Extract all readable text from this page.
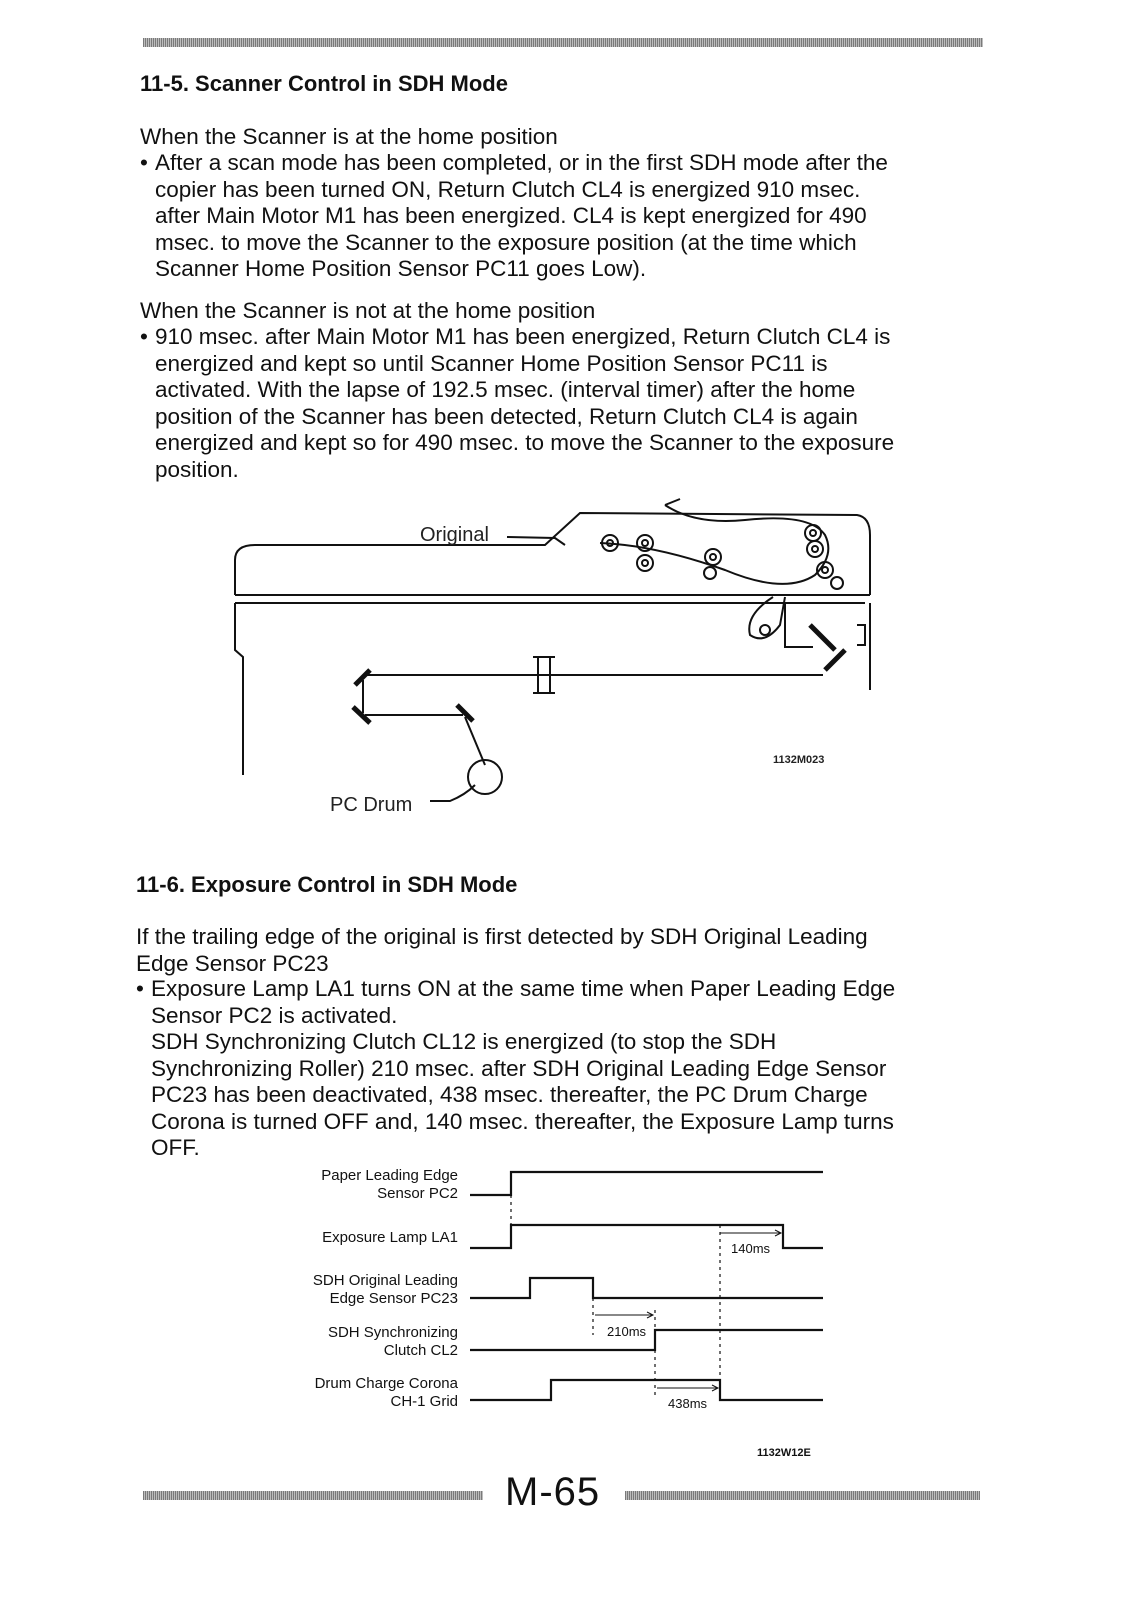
11-5. Scanner Control in SDH Mode
When the Scanner is at the home position
• After a scan mode has been completed, or in the first SDH mode after the
copier has been turned ON, Return Clutch CL4 is energized 910 msec.
after Main Motor M1 has been energized. CL4 is kept energized for 490
msec. to move the Scanner to the exposure position (at the time which
Scanner Home Position Sensor PC11 goes Low).
When the Scanner is not at the home position
• 910 msec. after Main Motor M1 has been energized, Return Clutch CL4 is
energized and kept so until Scanner Home Position Sensor PC11 is
activated. With the lapse of 192.5 msec. (interval timer) after the home
position of the Scanner has been detected, Return Clutch CL4 is again
energized and kept so for 490 msec. to move the Scanner to the exposure
position.
Original
PC Drum
1132M023
11-6. Exposure Control in SDH Mode
If the trailing edge of the original is first detected by SDH Original Leading
Edge Sensor PC23
• Exposure Lamp LA1 turns ON at the same time when Paper Leading Edge
Sensor PC2 is activated.
SDH Synchronizing Clutch CL12 is energized (to stop the SDH
Synchronizing Roller) 210 msec. after SDH Original Leading Edge Sensor
PC23 has been deactivated, 438 msec. thereafter, the PC Drum Charge
Corona is turned OFF and, 140 msec. thereafter, the Exposure Lamp turns
OFF.
Paper Leading Edge
Sensor PC2
Exposure Lamp LA1
SDH Original Leading
Edge Sensor PC23
SDH Synchronizing
Clutch CL2
Drum Charge Corona
CH-1 Grid
140ms
210ms
438ms
1132W12E
M-65
